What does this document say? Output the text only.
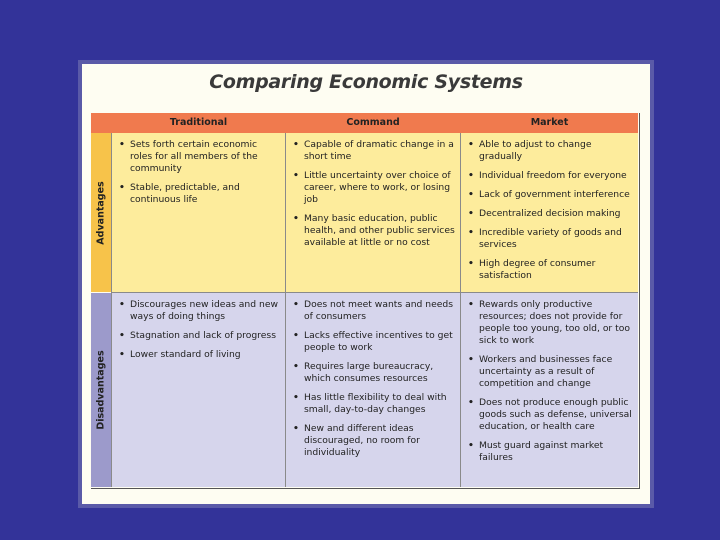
Comparing Economic Systems
Traditional	Command	Market
Advantages
Disadvantages
• Sets forth certain economic roles for all members of the community
• Stable, predictable, and continuous life
• Capable of dramatic change in a short time
• Little uncertainty over choice of career, where to work, or losing job
• Many basic education, public health, and other public services available at little or no cost
• Able to adjust to change gradually
• Individual freedom for everyone
• Lack of government interference
• Decentralized decision making
• Incredible variety of goods and services
• High degree of consumer satisfaction
• Discourages new ideas and new ways of doing things
• Stagnation and lack of progress
• Lower standard of living
• Does not meet wants and needs of consumers
• Lacks effective incentives to get people to work
• Requires large bureaucracy, which consumes resources
• Has little flexibility to deal with small, day-to-day changes
• New and different ideas discouraged, no room for individuality
• Rewards only productive resources; does not provide for people too young, too old, or too sick to work
• Workers and businesses face uncertainty as a result of competition and change
• Does not produce enough public goods such as defense, universal education, or health care
• Must guard against market failures
